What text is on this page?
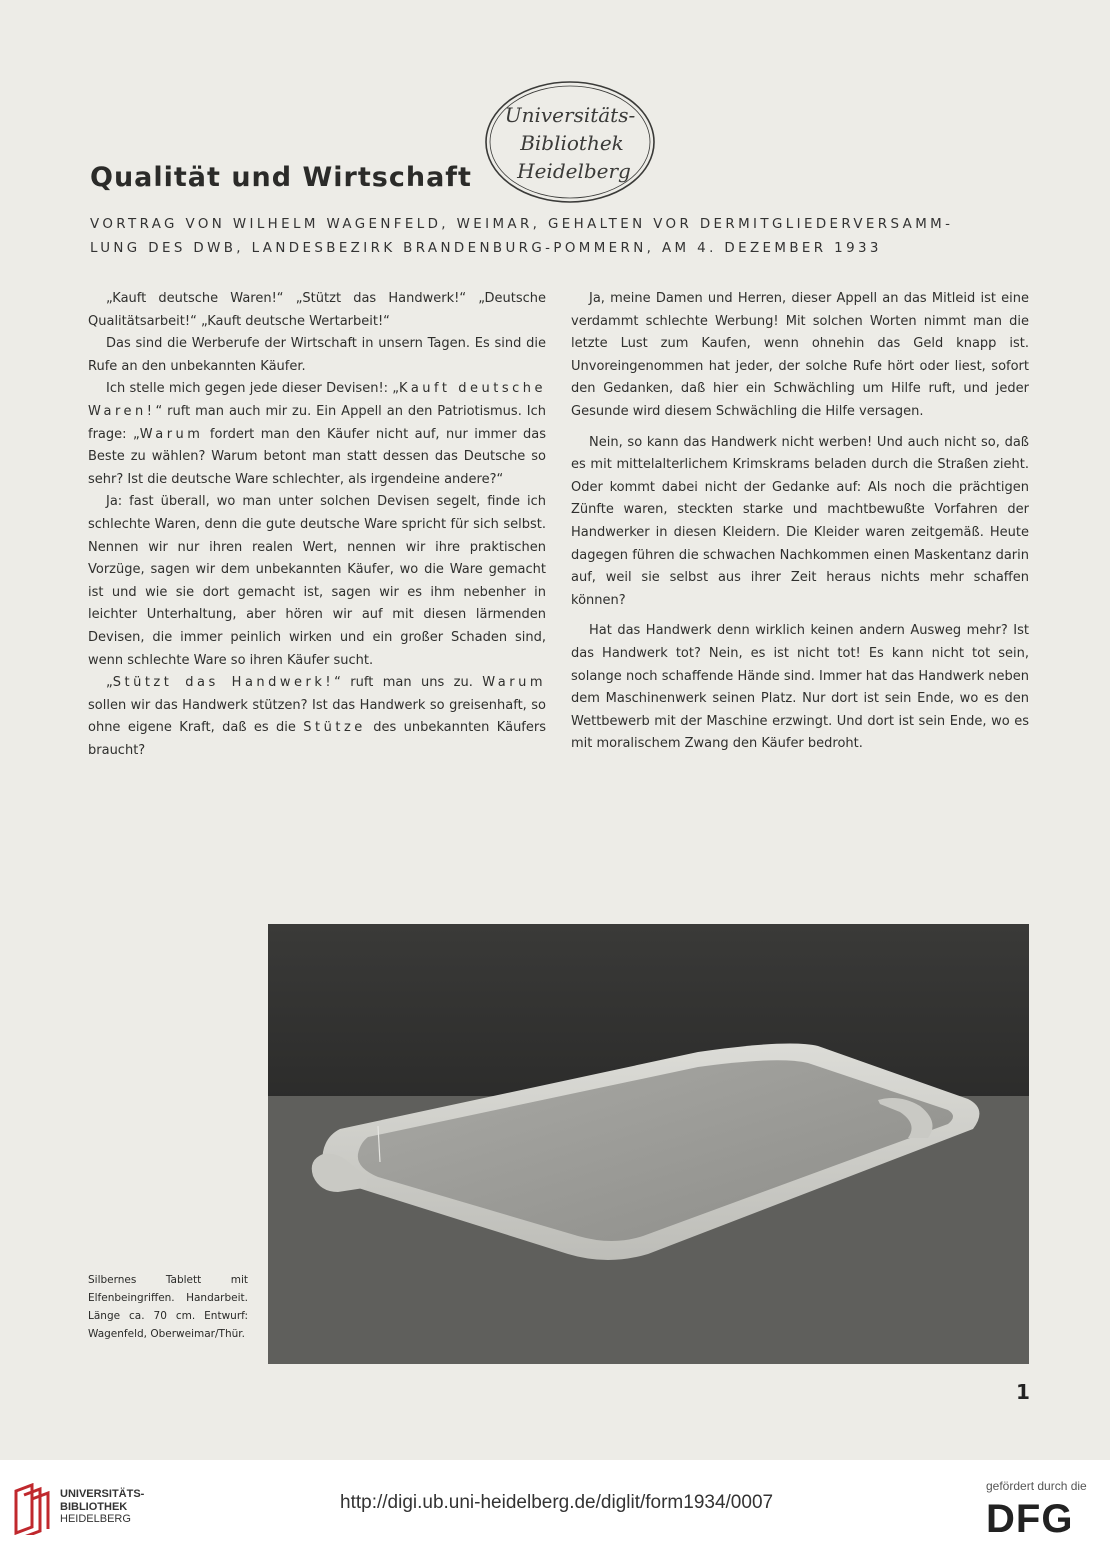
Universitäts-
Bibliothek
Heidelberg
Qualität und Wirtschaft
VORTRAG VON WILHELM WAGENFELD, WEIMAR, GEHALTEN VOR DERMITGLIEDERVERSAMM-
LUNG DES DWB, LANDESBEZIRK BRANDENBURG-POMMERN, AM 4. DEZEMBER 1933

„Kauft deutsche Waren!“ „Stützt das Handwerk!“ „Deutsche Qualitätsarbeit!“ „Kauft deutsche Wertarbeit!“

Das sind die Werberufe der Wirtschaft in unsern Tagen. Es sind die Rufe an den unbekannten Käufer.

Ich stelle mich gegen jede dieser Devisen!: „Kauft deutsche Waren!“ ruft man auch mir zu. Ein Appell an den Patriotismus. Ich frage: „Warum fordert man den Käufer nicht auf, nur immer das Beste zu wählen? Warum betont man statt dessen das Deutsche so sehr? Ist die deutsche Ware schlechter, als irgendeine andere?“

Ja: fast überall, wo man unter solchen Devisen segelt, finde ich schlechte Waren, denn die gute deutsche Ware spricht für sich selbst. Nennen wir nur ihren realen Wert, nennen wir ihre praktischen Vorzüge, sagen wir dem unbekannten Käufer, wo die Ware gemacht ist und wie sie dort gemacht ist, sagen wir es ihm nebenher in leichter Unterhaltung, aber hören wir auf mit diesen lärmenden Devisen, die immer peinlich wirken und ein großer Schaden sind, wenn schlechte Ware so ihren Käufer sucht.

„Stützt das Handwerk!“ ruft man uns zu. Warum sollen wir das Handwerk stützen? Ist das Handwerk so greisenhaft, so ohne eigene Kraft, daß es die Stütze des unbekannten Käufers braucht?

Ja, meine Damen und Herren, dieser Appell an das Mitleid ist eine verdammt schlechte Werbung! Mit solchen Worten nimmt man die letzte Lust zum Kaufen, wenn ohnehin das Geld knapp ist. Unvoreingenommen hat jeder, der solche Rufe hört oder liest, sofort den Gedanken, daß hier ein Schwächling um Hilfe ruft, und jeder Gesunde wird diesem Schwächling die Hilfe versagen.

Nein, so kann das Handwerk nicht werben! Und auch nicht so, daß es mit mittelalterlichem Krimskrams beladen durch die Straßen zieht. Oder kommt dabei nicht der Gedanke auf: Als noch die prächtigen Zünfte waren, steckten starke und machtbewußte Vorfahren der Handwerker in diesen Kleidern. Die Kleider waren zeitgemäß. Heute dagegen führen die schwachen Nachkommen einen Maskentanz darin auf, weil sie selbst aus ihrer Zeit heraus nichts mehr schaffen können?

Hat das Handwerk denn wirklich keinen andern Ausweg mehr? Ist das Handwerk tot? Nein, es ist nicht tot! Es kann nicht tot sein, solange noch schaffende Hände sind. Immer hat das Handwerk neben dem Maschinenwerk seinen Platz. Nur dort ist sein Ende, wo es den Wettbewerb mit der Maschine erzwingt. Und dort ist sein Ende, wo es mit moralischem Zwang den Käufer bedroht.

Silbernes Tablett mit Elfenbeingriffen. Handarbeit. Länge ca. 70 cm. Entwurf: Wagenfeld, Oberweimar/Thür.
1
UNIVERSITÄTS-
BIBLIOTHEK
HEIDELBERG
http://digi.ub.uni-heidelberg.de/diglit/form1934/0007
gefördert durch die
DFG
